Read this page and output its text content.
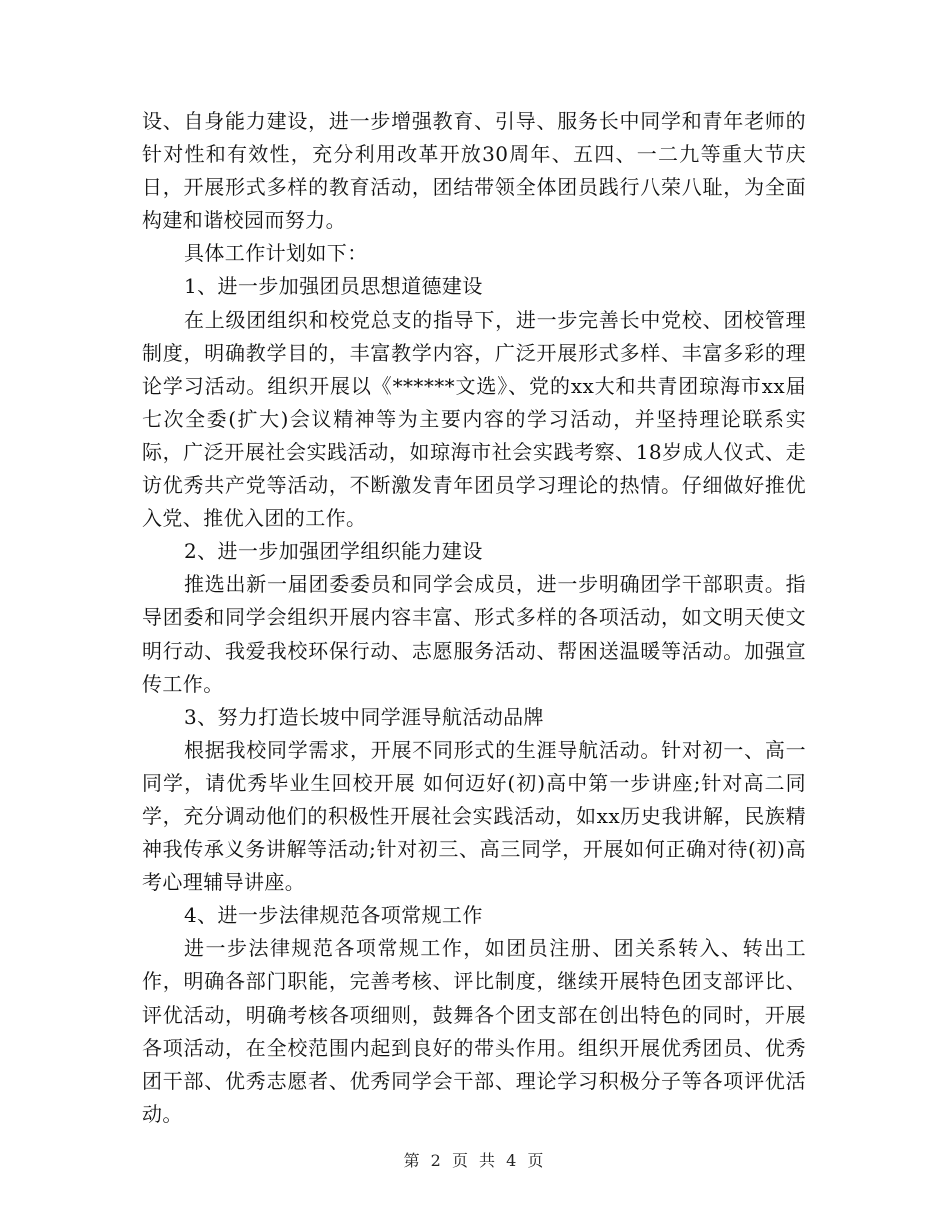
设、自身能力建设，进一步增强教育、引导、服务长中同学和青年老师的针对性和有效性，充分利用改革开放30周年、五四、一二九等重大节庆日，开展形式多样的教育活动，团结带领全体团员践行八荣八耻，为全面构建和谐校园而努力。

具体工作计划如下：

1、进一步加强团员思想道德建设

在上级团组织和校党总支的指导下，进一步完善长中党校、团校管理制度，明确教学目的，丰富教学内容，广泛开展形式多样、丰富多彩的理论学习活动。组织开展以《******文选》、党的xx大和共青团琼海市xx届七次全委(扩大)会议精神等为主要内容的学习活动，并坚持理论联系实际，广泛开展社会实践活动，如琼海市社会实践考察、18岁成人仪式、走访优秀共产党等活动，不断激发青年团员学习理论的热情。仔细做好推优入党、推优入团的工作。

2、进一步加强团学组织能力建设

推选出新一届团委委员和同学会成员，进一步明确团学干部职责。指导团委和同学会组织开展内容丰富、形式多样的各项活动，如文明天使文明行动、我爱我校环保行动、志愿服务活动、帮困送温暖等活动。加强宣传工作。

3、努力打造长坡中同学涯导航活动品牌

根据我校同学需求，开展不同形式的生涯导航活动。针对初一、高一同学，请优秀毕业生回校开展 如何迈好(初)高中第一步讲座;针对高二同学，充分调动他们的积极性开展社会实践活动，如xx历史我讲解，民族精神我传承义务讲解等活动;针对初三、高三同学，开展如何正确对待(初)高考心理辅导讲座。

4、进一步法律规范各项常规工作

进一步法律规范各项常规工作，如团员注册、团关系转入、转出工作，明确各部门职能，完善考核、评比制度，继续开展特色团支部评比、评优活动，明确考核各项细则，鼓舞各个团支部在创出特色的同时，开展各项活动，在全校范围内起到良好的带头作用。组织开展优秀团员、优秀团干部、优秀志愿者、优秀同学会干部、理论学习积极分子等各项评优活动。

第 2 页 共 4 页
